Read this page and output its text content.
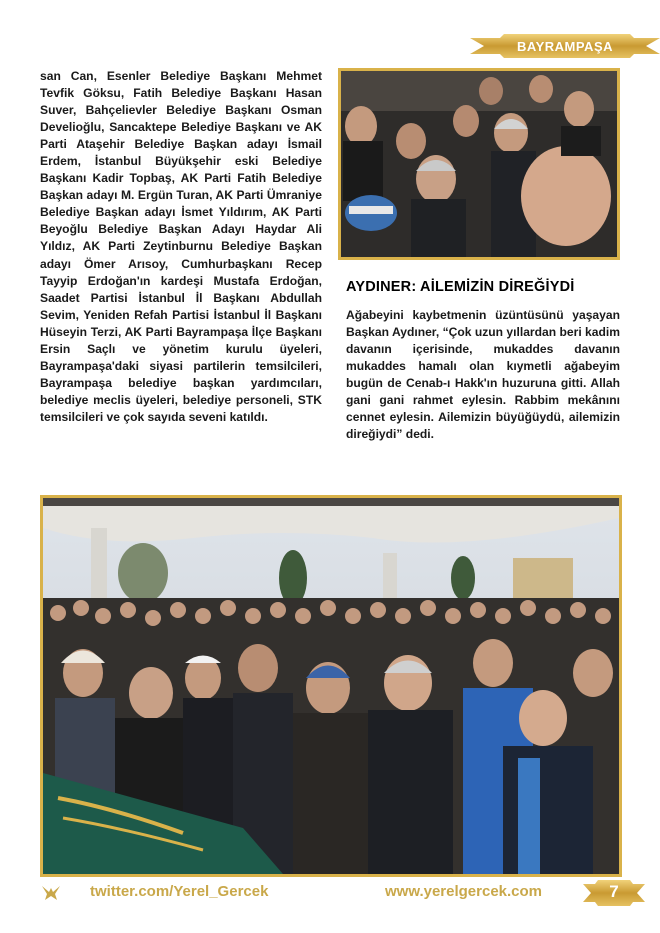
BAYRAMPAŞA
san Can, Esenler Belediye Başkanı Mehmet Tevfik Göksu, Fatih Belediye Başkanı Hasan Suver, Bahçelievler Belediye Başkanı Osman Develioğlu, Sancaktepe Belediye Başkanı ve AK Parti Ataşehir Belediye Başkan adayı İsmail Erdem, İstanbul Büyükşehir eski Belediye Başkanı Kadir Topbaş, AK Parti Fatih Belediye Başkan adayı M. Ergün Turan, AK Parti Ümraniye Belediye Başkan adayı İsmet Yıldırım, AK Parti Beyoğlu Belediye Başkan Adayı Haydar Ali Yıldız, AK Parti Zeytinburnu Belediye Başkan adayı Ömer Arısoy, Cumhurbaşkanı Recep Tayyip Erdoğan'ın kardeşi Mustafa Erdoğan, Saadet Partisi İstanbul İl Başkanı Abdullah Sevim, Yeniden Refah Partisi İstanbul İl Başkanı Hüseyin Terzi, AK Parti Bayrampaşa İlçe Başkanı Ersin Saçlı ve yönetim kurulu üyeleri, Bayrampaşa'daki siyasi partilerin temsilcileri, Bayrampaşa belediye başkan yardımcıları, belediye meclis üyeleri, belediye personeli, STK temsilcileri ve çok sayıda seveni katıldı.
AYDINER: AİLEMİZİN DİREĞİYDİ
Ağabeyini kaybetmenin üzüntüsünü yaşayan Başkan Aydıner, “Çok uzun yıllardan beri kadim davanın içerisinde, mukaddes davanın mukaddes hamalı olan kıymetli ağabeyim bugün de Cenab-ı Hakk'ın huzuruna gitti. Allah gani gani rahmet eylesin. Rabbim mekânını cennet eylesin. Ailemizin büyüğüydü, ailemizin direğiydi” dedi.
twitter.com/Yerel_Gercek	www.yerelgercek.com	7
